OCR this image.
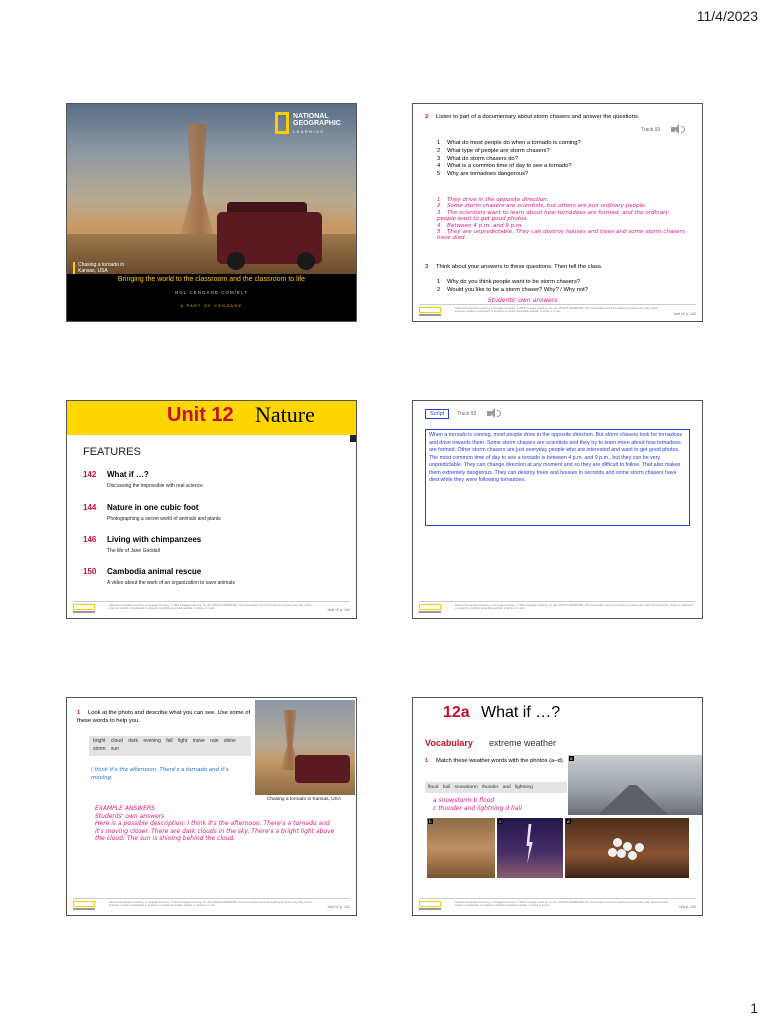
11/4/2023
NATIONAL
GEOGRAPHIC
LEARNING
Chasing a tornado in Kansas, USA
Bringing the world to the classroom and the classroom to life
NGL.CENGAGE.COM/ELT
A PART OF CENGAGE
2 Listen to part of a documentary about storm chasers and answer the questions.
Track 93
1 What do most people do when a tornado is coming?
2 What type of people are storm chasers?
3 What do storm chasers do?
4 What is a common time of day to see a tornado?
5 Why are tornadoes dangerous?
1 They drive in the opposite direction.
2 Some storm chasers are scientists, but others are just ordinary people.
3 The scientists want to learn about how tornadoes are formed, and the ordinary people want to get good photos.
4 Between 4 p.m. and 9 p.m.
5 They are unpredictable. They can destroy houses and trees and some storm chasers have died.
3 Think about your answers to these questions. Then tell the class.
1 Why do you think people want to be storm chasers?
2 Would you like to be a storm chaser? Why? / Why not?
Students' own answers
National Geographic Learning, a Cengage Company. © 2019 Cengage Learning, Inc. ALL RIGHTS RESERVED. This presentation tool is for teaching purposes only; May not be scanned, copied or duplicated, or posted to a publicly accessible website, in whole or in part.
Unit 12 p. 142
Unit 12 Nature
FEATURES
142 What if …?
Discussing the impossible with real science
144 Nature in one cubic foot
Photographing a secret world of animals and plants
146 Living with chimpanzees
The life of Jane Goodall
150 Cambodia animal rescue
A video about the work of an organization to save animals
National Geographic Learning, a Cengage Company. © 2019 Cengage Learning, Inc. ALL RIGHTS RESERVED. This presentation tool is for teaching purposes only; May not be scanned, copied or duplicated, or posted to a publicly accessible website, in whole or in part.	Unit 12 p. 141
Script	Track 93
When a tornado is coming, most people drive in the opposite direction. But storm chasers look for tornadoes and drive towards them. Some storm chasers are scientists and they try to learn more about how tornadoes are formed. Other storm chasers are just everyday people who are interested and want to get good photos. The most common time of day to see a tornado is between 4 p.m. and 9 p.m., but they can be very unpredictable. They can change direction at any moment and so they are difficult to follow. That also makes them extremely dangerous. They can destroy trees and houses in seconds and some storm chasers have died while they were following tornadoes.
National Geographic Learning, a Cengage Company. © 2019 Cengage Learning, Inc. ALL RIGHTS RESERVED. This presentation tool is for teaching purposes only; May not be scanned, copied or duplicated, or posted to a publicly accessible website, in whole or in part.
1 Look at the photo and describe what you can see. Use some of these words to help you.
bright cloud dark evening fall light move rain shine storm sun
I think it's the afternoon. There's a tornado and it's moving.
Chasing a tornado in Kansas, USA
EXAMPLE ANSWERS
Students' own answers
Here is a possible description: I think it's the afternoon. There's a tornado and it's moving closer. There are dark clouds in the sky. There's a bright light above the cloud. The sun is shining behind the cloud.
National Geographic Learning, a Cengage Company. © 2019 Cengage Learning, Inc. ALL RIGHTS RESERVED. This presentation tool is for teaching purposes only; May not be scanned, copied or duplicated, or posted to a publicly accessible website, in whole or in part.	Unit 12 p. 141
12a What if …?
Vocabulary extreme weather
1 Match these weather words with the photos (a–d).
flood hail snowstorm thunder and lightning
a snowstorm b flood
c thunder and lightning d hail
a
b	c	d
National Geographic Learning, a Cengage Company. © 2019 Cengage Learning, Inc. ALL RIGHTS RESERVED. This presentation tool is for teaching purposes only; May not be scanned, copied or duplicated, or posted to a publicly accessible website, in whole or in part.	12a p. 142
1
